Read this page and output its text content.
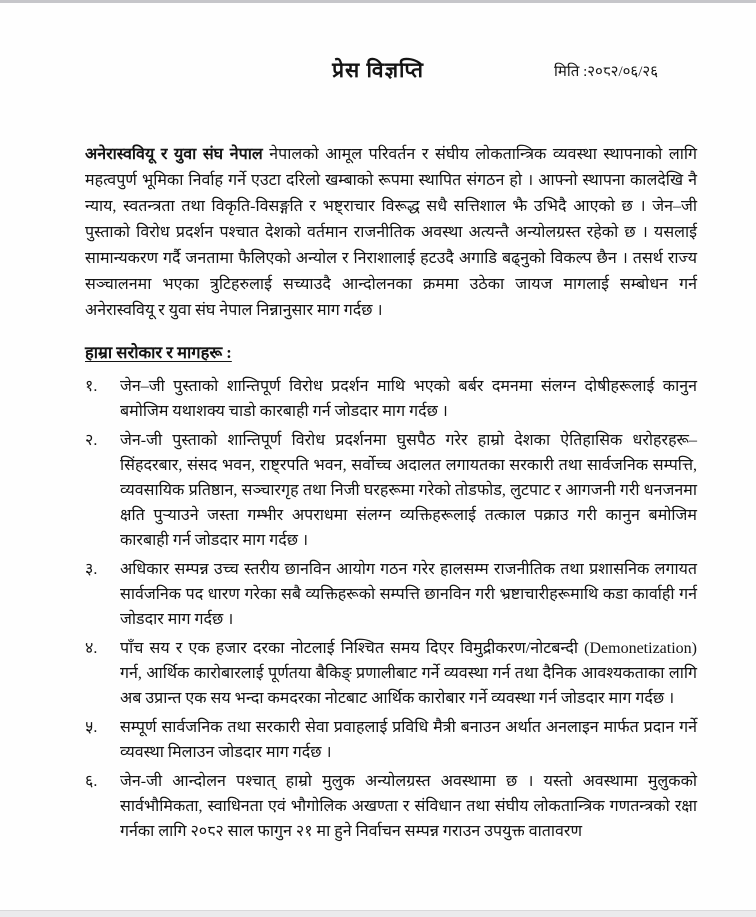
प्रेस विज्ञप्ति	मिति :२०८२/०६/२६

अनेरास्ववियू र युवा संघ नेपाल नेपालको आमूल परिवर्तन र संघीय लोकतान्त्रिक व्यवस्था स्थापनाको लागि महत्वपुर्ण भूमिका निर्वाह गर्ने एउटा दरिलो खम्बाको रूपमा स्थापित संगठन हो । आफ्नो स्थापना कालदेखि नै न्याय, स्वतन्त्रता तथा विकृति-विसङ्गति र भष्ट्राचार विरूद्ध सधै सत्तिशाल झै उभिदै आएको छ । जेन–जी पुस्ताको विरोध प्रदर्शन पश्चात देशको वर्तमान राजनीतिक अवस्था अत्यन्तै अन्योलग्रस्त रहेको छ । यसलाई सामान्यकरण गर्दै जनतामा फैलिएको अन्योल र निराशालाई हटउदै अगाडि बढ्नुको विकल्प छैन । तसर्थ राज्य सञ्चालनमा भएका त्रुटिहरुलाई सच्याउदै आन्दोलनका क्रममा उठेका जायज मागलाई सम्बोधन गर्न अनेरास्ववियू र युवा संघ नेपाल निन्नानुसार माग गर्दछ ।

हाम्रा सरोकार र मागहरू :
१.	जेन–जी पुस्ताको शान्तिपूर्ण विरोध प्रदर्शन माथि भएको बर्बर दमनमा संलग्न दोषीहरूलाई कानुन बमोजिम यथाशक्य चाडो कारबाही गर्न जोडदार माग गर्दछ ।
२.	जेन-जी पुस्ताको शान्तिपूर्ण विरोध प्रदर्शनमा घुसपैठ गरेर हाम्रो देशका ऐतिहासिक धरोहरहरू– सिंहदरबार, संसद भवन, राष्ट्रपति भवन, सर्वोच्च अदालत लगायतका सरकारी तथा सार्वजनिक सम्पत्ति, व्यवसायिक प्रतिष्ठान, सञ्चारगृह तथा निजी घरहरूमा गरेको तोडफोड, लुटपाट र आगजनी गरी धनजनमा क्षति पुऱ्याउने जस्ता गम्भीर अपराधमा संलग्न व्यक्तिहरूलाई तत्काल पक्राउ गरी कानुन बमोजिम कारबाही गर्न जोडदार माग गर्दछ ।
३.	अधिकार सम्पन्न उच्च स्तरीय छानविन आयोग गठन गरेर हालसम्म राजनीतिक तथा प्रशासनिक लगायत सार्वजनिक पद धारण गरेका सबै व्यक्तिहरूको सम्पत्ति छानविन गरी भ्रष्टाचारीहरूमाथि कडा कार्वाही गर्न जोडदार माग गर्दछ ।
४.	पाँच सय र एक हजार दरका नोटलाई निश्चित समय दिएर विमुद्रीकरण/नोटबन्दी (Demonetization) गर्न, आर्थिक कारोबारलाई पूर्णतया बैकिङ् प्रणालीबाट गर्ने व्यवस्था गर्न तथा दैनिक आवश्यकताका लागि अब उप्रान्त एक सय भन्दा कमदरका नोटबाट आर्थिक कारोबार गर्ने व्यवस्था गर्न जोडदार माग गर्दछ ।
५.	सम्पूर्ण सार्वजनिक तथा सरकारी सेवा प्रवाहलाई प्रविधि मैत्री बनाउन अर्थात अनलाइन मार्फत प्रदान गर्ने व्यवस्था मिलाउन जोडदार माग गर्दछ ।
६.	जेन-जी आन्दोलन पश्चात् हाम्रो मुलुक अन्योलग्रस्त अवस्थामा छ । यस्तो अवस्थामा मुलुकको सार्वभौमिकता, स्वाधिनता एवं भौगोलिक अखण्ता र संविधान तथा संघीय लोकतान्त्रिक गणतन्त्रको रक्षा गर्नका लागि २०८२ साल फागुन २१ मा हुने निर्वाचन सम्पन्न गराउन उपयुक्त वातावरण
